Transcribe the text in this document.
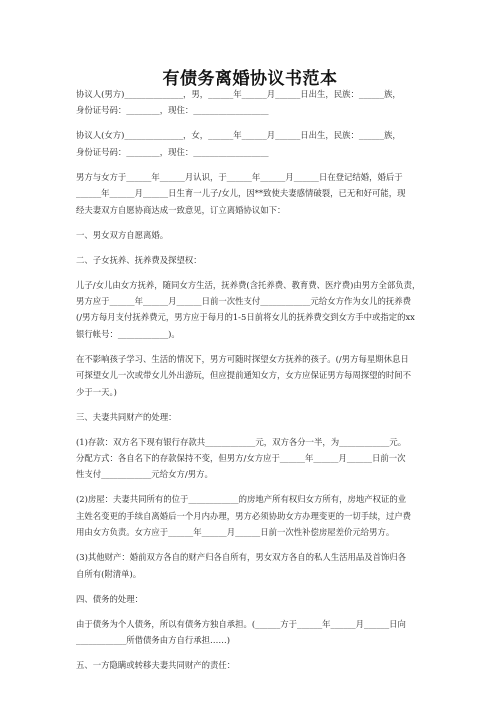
有债务离婚协议书范本

协议人(男方)______________，男，______年______月______日出生，民族：______族，
身份证号码：________，现住：__________________

协议人(女方)______________，女，______年______月______日出生，民族：______族，
身份证号码：________，现住：__________________

男方与女方于______年______月认识，于______年______月______日在登记结婚，婚后于
______年______月______日生育一儿子/女儿，因**致使夫妻感情破裂，已无和好可能，现
经夫妻双方自愿协商达成一致意见，订立离婚协议如下：

一、男女双方自愿离婚。

二、子女抚养、抚养费及探望权：

儿子/女儿由女方抚养，随同女方生活，抚养费(含托养费、教育费、医疗费)由男方全部负责，
男方应于______年______月______日前一次性支付____________元给女方作为女儿的抚养费
(/男方每月支付抚养费元，男方应于每月的1-5日前将女儿的抚养费交到女方手中或指定的xx
银行帐号：____________)。

在不影响孩子学习、生活的情况下，男方可随时探望女方抚养的孩子。(/男方每星期休息日
可探望女儿一次或带女儿外出游玩，但应提前通知女方，女方应保证男方每周探望的时间不
少于一天。)

三、夫妻共同财产的处理：

(1)存款：双方名下现有银行存款共____________元，双方各分一半，为____________元。
分配方式：各自名下的存款保持不变，但男方/女方应于______年______月______日前一次
性支付____________元给女方/男方。

(2)房屋：夫妻共同所有的位于____________的房地产所有权归女方所有，房地产权证的业
主姓名变更的手续自离婚后一个月内办理，男方必须协助女方办理变更的一切手续，过户费
用由女方负责。女方应于______年______月______日前一次性补偿房屋差价元给男方。

(3)其他财产：婚前双方各自的财产归各自所有，男女双方各自的私人生活用品及首饰归各
自所有(附清单)。

四、债务的处理：

由于债务为个人债务，所以有债务方独自承担。(______方于______年______月______日向
____________所借债务由方自行承担……)

五、一方隐瞒或转移夫妻共同财产的责任：
